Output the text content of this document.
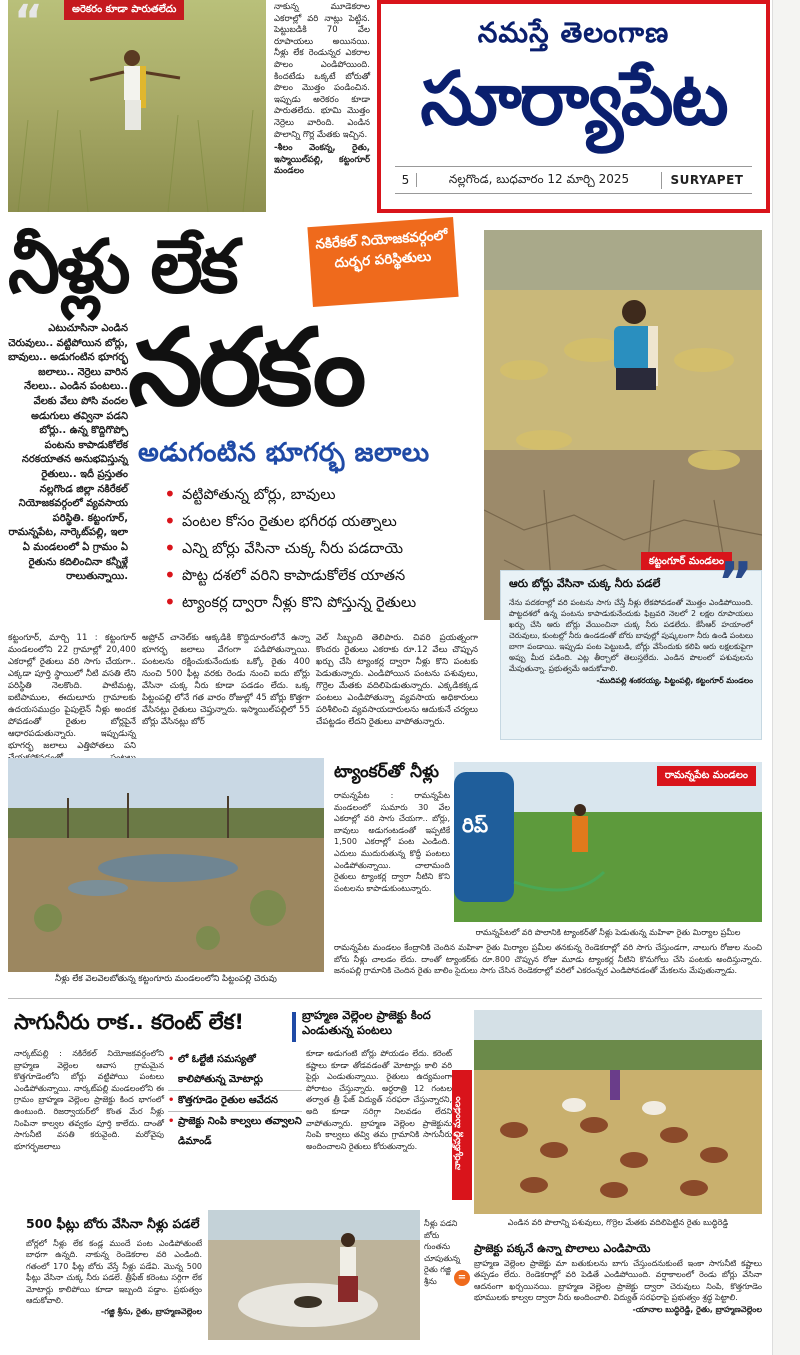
“	అరెకరం కూడా పారుతలేదు	నాకున్న మూడెకరాల ఎకరాల్లో వరి నాట్లు పెట్టిన. పెట్టుబడికి 70 వేల రూపాయలు అయినయి. నీళ్లు లేక రెండున్నర ఎకరాల పొలం ఎండిపోయింది. కిందటేడు ఒక్కటే బోరుతో పొలం మొత్తం పండించిన. ఇప్పుడు అరెకరం కూడా పారుతలేదు. భూమి మొత్తం నెర్రెలు వారింది. ఎండిన పొలాన్ని గొర్ల మేతకు ఇచ్చిన.
-శీలం వెంకన్న, రైతు, ఇస్మాయిల్‌పల్లి, కట్టంగూర్ మండలం
నమస్తే తెలంగాణ
సూర్యాపేట
5	నల్లగొండ, బుధవారం 12 మార్చి 2025	SURYAPET
నీళ్లు లేక	నకిరేకల్ నియోజకవర్గంలో దుర్భర పరిస్థితులు
నరకం
ఎటుచూసినా ఎండిన చెరువులు.. వట్టిపోయిన బోర్లు, బావులు.. అడుగంటిన భూగర్భ జలాలు.. నెర్రెలు వారిన నేలలు.. ఎండిన పంటలు.. వేలకు వేలు పోసి వందల అడుగులు తవ్వినా పడని బోర్లు.. ఉన్న కొద్దిగొప్పో పంటను కాపాడుకోలేక నరకయాతన అనుభవిస్తున్న రైతులు.. ఇదీ ప్రస్తుతం నల్లగొండ జిల్లా నకిరేకల్ నియోజకవర్గంలో వ్యవసాయ పరిస్థితి. కట్టంగూర్, రామన్నపేట, నార్కెట్‌పల్లి, ఇలా ఏ మండలంలో ఏ గ్రామం ఏ రైతును కదిలించినా కన్నీళ్లే రాలుతున్నాయి.
అడుగంటిన భూగర్భ జలాలు
• వట్టిపోతున్న బోర్లు, బావులు
• పంటల కోసం రైతుల భగీరథ యత్నాలు
• ఎన్ని బోర్లు వేసినా చుక్క నీరు పడదాయె
• పొట్ట దశలో వరిని కాపాడుకోలేక యాతన
• ట్యాంకర్ల ద్వారా నీళ్లు కొని పోస్తున్న రైతులు
కట్టంగూర్, మార్చి 11 : కట్టంగూర్ మండలంలోని 22 గ్రామాల్లో 20,400 ఎకరాల్లో రైతులు వరి సాగు చేయగా.. ఎక్కడా పూర్తి స్థాయిలో నీటి వసతి లేని పరిస్థితి నెలకొంది. పాటిమట్ల, ఐటిపాముల, ఈదులూరు గ్రామాలకు ఉదయసముద్రం పైపులైన్ నీళ్లు అందక పోవడంతో రైతుల బోర్లపైనే ఆధారపడుతున్నారు. ఇప్పుడున్న భూగర్భ జలాలు ఎత్తిపోతలు పని
అప్రోచ్ చానెల్‌కు ఆక్కడికి కొద్దిదూరంలోనే ఉన్నా భూగర్భ జలాలు వేగంగా పడిపోతున్నాయి. పంటలను రక్షించుకునేందుకు ఒక్కో రైతు 400 నుంచి 500 ఫీట్ల వరకు రెండు నుంచి ఐదు బోర్లు వేసినా చుక్క నీరు కూడా పడడం లేదు. ఒక్క పిట్టంపల్లి లోనే గత వారం రోజుల్లో 45 బోర్లు కొత్తగా వేసినట్లు రైతులు చెప్తున్నారు. ఇస్మాయిల్‌పల్లిలో 55 బోర్లు వేసినట్లు బోర్
వెల్ సిబ్బంది తెలిపారు. చివరి ప్రయత్నంగా కొందరు రైతులు ఎకరాకు రూ.12 వేలు చొప్పున ఖర్చు చేసి ట్యాంకర్ల ద్వారా నీళ్లు కొని పంటకు పెడుతున్నారు. ఎండిపోయిన పంటను పశువులు, గొర్రెల మేతకు వదిలిపెడుతున్నారు. ఎక్కడికక్కడ పంటలు ఎండిపోతున్నా వ్యవసాయ అధికారులు పరిశీలించి వ్యవసాయదారులను ఆదుకునే చర్యలు చేపట్టడం లేదని రైతులు వాపోతున్నారు.
కట్టంగూర్ మండలం
”
ఆరు బోర్లు వేసినా చుక్క నీరు పడలే
నేను పదకరాల్లో వరి పంటను సాగు చేస్తే నీళ్లు లేకపోవడంతో మొత్తం ఎండిపోయింది. పొట్టదశలో ఉన్న పంటను కాపాడుకునేందుకు ఫిబ్రవరి నెలలో 2 లక్షల రూపాయలు ఖర్చు చేసి ఆరు బోర్లు వేయించినా చుక్క నీరు పడలేదు. కేసీఆర్ హయాంలో చెరువులు, కుంటల్లో నీరు ఉండడంతో బోరు బావుల్లో పుష్కలంగా నీరు ఉండి పంటలు బాగా పండాయి. ఇప్పుడు పంట పెట్టుబడి, బోర్లు వేసేందుకు కలిపి ఆరు లక్షలకుపైగా అప్పు మీద పడింది. ఎట్ల తీర్చాలో తెలుస్తలేదు. ఎండిన పొలంలో పశువులను మేపుతున్నా. ప్రభుత్వమే ఆదుకోవాలి.
-ముదిపల్లి శంకరయ్య, పిట్టంపల్లి, కట్టంగూర్ మండలం
నీళ్లు లేక వెలవెలబోతున్న కట్టంగూరు మండలంలోని పిట్టంపల్లి చెరువు
ట్యాంకర్‌తో నీళ్లు
రామన్నపేట : రామన్నపేట మండలంలో సుమారు 30 వేల ఎకరాల్లో వరి సాగు చేయగా.. బోర్లు, బావులు అడుగంటడంతో ఇప్పటికే 1,500 ఎకరాల్లో పంట ఎండింది. ఎదులు ముదురుతున్న కొద్దీ పంటలు ఎండిపోతున్నాయి. చాలామంది రైతులు ట్యాంకర్ల ద్వారా నీటిని కొని పంటలను కాపాడుకుంటున్నారు.
రిప్
రామన్నపేట మండలం
రామన్నపేటలో వరి పొలానికి ట్యాంకర్‌తో నీళ్లు పెడుతున్న మహిళా రైతు మిర్యాల ప్రమీల
రామన్నపేట మండలం కేంద్రానికి చెందిన మహిళా రైతు మిర్యాల ప్రమీల తనకున్న రెండెకరాల్లో వరి సాగు చేస్తుండగా, నాలుగు రోజుల నుంచి బోరు నీళ్లు చాలడం లేదు. దాంతో ట్యాంకర్‌కు రూ.800 చొప్పున రోజు మూడు ట్యాంకర్ల నీటిని కొనుగోలు చేసి పంటకు అందిస్తున్నారు. జనంపల్లి గ్రామానికి చెందిన రైతు బాలిం సైదులు సాగు చేసిన రెండెకరాల్లో వరిలో ఎకరంన్నర ఎండిపోవడంతో మేకలను మేపుతున్నాడు.
సాగునీరు రాక.. కరెంట్ లేక!	బ్రాహ్మణ వెల్లెంల ప్రాజెక్టు కింద ఎండుతున్న పంటలు
నార్కట్‌పల్లి : నకిరేకల్ నియోజకవర్గంలోని బ్రాహ్మణ వెల్లెంల ఆవాస గ్రామమైన కొత్తగూడెంలోని బోర్లు వట్టిపోయి పంటలు ఎండిపోతున్నాయి. నార్కట్‌పల్లి మండలంలోని ఈ గ్రామం బ్రాహ్మణ వెల్లెంల ప్రాజెక్టు కింద భాగంలో ఉంటుంది. రిజర్వాయర్‌లో కొంత మేర నీళ్లు నింపినా కాల్వల తవ్వకం పూర్తి కాలేదు. దాంతో సాగునీటి వసతి కరువైంది. మరోవైపు భూగర్భజలాలు
• లో ఓల్టేజీ సమస్యతో కాలిపోతున్న మోటార్లు
• కొత్తగూడెం రైతుల ఆవేదన
• ప్రాజెక్టు నింపి కాల్వలు తవ్వాలని డిమాండ్
కూడా అడుగంటి బోర్లు పోయడం లేదు. కరెంట్ కష్టాలు కూడా తోడవడంతో మోటార్లు కాలి వరి పైర్లు ఎండుతున్నాయి. రైతులు ఉద్యమంగా పోరాటం చేస్తున్నారు. అర్ధరాత్రి 12 గంటల తర్వాత త్రీ ఫేజ్ విద్యుత్ సరఫరా చేస్తున్నారని, అది కూడా సరిగ్గా నిలవడం లేదని వాపోతున్నారు. బ్రాహ్మణ వెల్లెంల ప్రాజెక్టును నింపి కాల్వలు తవ్వి తమ గ్రామానికి సాగునీరు అందించాలని రైతులు కోరుతున్నారు.	నార్కట్‌పల్లి మండలం
ఎండిన వరి పొలాన్ని పశువులు, గొర్రెల మేతకు వదిలిపెట్టిన రైతు బుద్ధిరెడ్డి
500 ఫీట్లు బోరు వేసినా నీళ్లు పడలే
బోర్లలో నీళ్లు లేక కండ్ల ముందే పంట ఎండిపోతుంటే బాధగా ఉన్నది. నాకున్న రెండెకరాల వరి ఎండింది. గతంలో 170 ఫీట్ల బోరు వేస్తే నీళ్లు పడేవి. మొన్న 500 ఫీట్లు వేసినా చుక్క నీరు పడలే. త్రీఫేజ్ కరెంటు సర్గిగా లేక మోటార్లు కాలిపోయి కూడా ఇబ్బంది పడ్డాం. ప్రభుత్వం ఆదుకోవాలి.
-గజ్జి శ్రీను, రైతు, బ్రాహ్మణవెల్లెంల
నీళ్లు పడని బోరు గుంతను చూపుతున్న రైతు గజ్జి శ్రీను	=
ప్రాజెక్టు పక్కనే ఉన్నా పొలాలు ఎండిపాయె
బ్రాహ్మణ వెల్లెంల ప్రాజెక్టు మా బతుకులను బాగు చేస్తుందనుకుంటే ఇంకా సాగునీటి కష్టాలు తప్పడం లేదు. రెండెకరాల్లో వరి పెడితే ఎండిపోయింది. వర్షాకాలంలో రెండు బోర్లు వేసినా ఆదనంగా ఖర్చయినయి. బ్రాహ్మణ వెల్లెంల ప్రాజెక్టు ద్వారా చెరువులు నింపి, కొత్తగూడెం భూములకు కాల్వల ద్వారా నీరు అందించాలి. విద్యుత్ సరఫరాపై ప్రభుత్వం శ్రద్ధ పెట్టాలి.
-యానాల బుద్ధిరెడ్డి, రైతు, బ్రాహ్మణవెల్లెంల
